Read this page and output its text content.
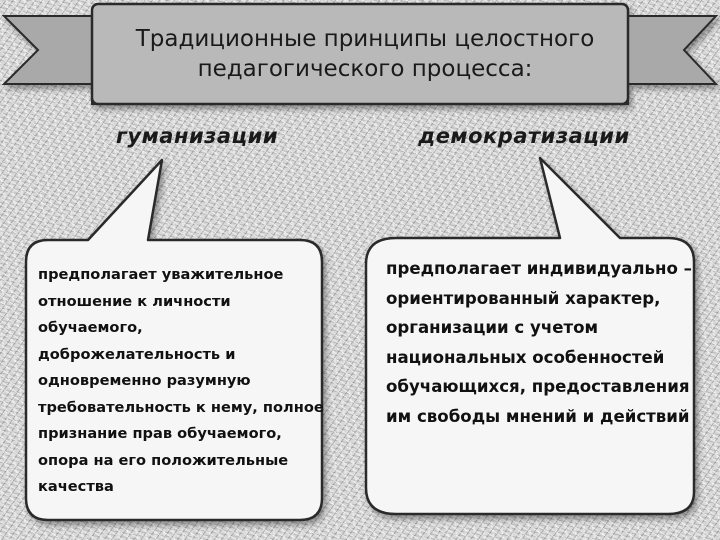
Традиционные принципы целостного педагогического процесса:
гуманизации	демократизации
предполагает уважительное отношение к личности обучаемого, доброжелательность и одновременно разумную требовательность к нему, полное признание прав обучаемого, опора на его положительные качества
предполагает индивидуально – ориентированный характер, организации с учетом национальных особенностей обучающихся, предоставления им свободы мнений и действий
